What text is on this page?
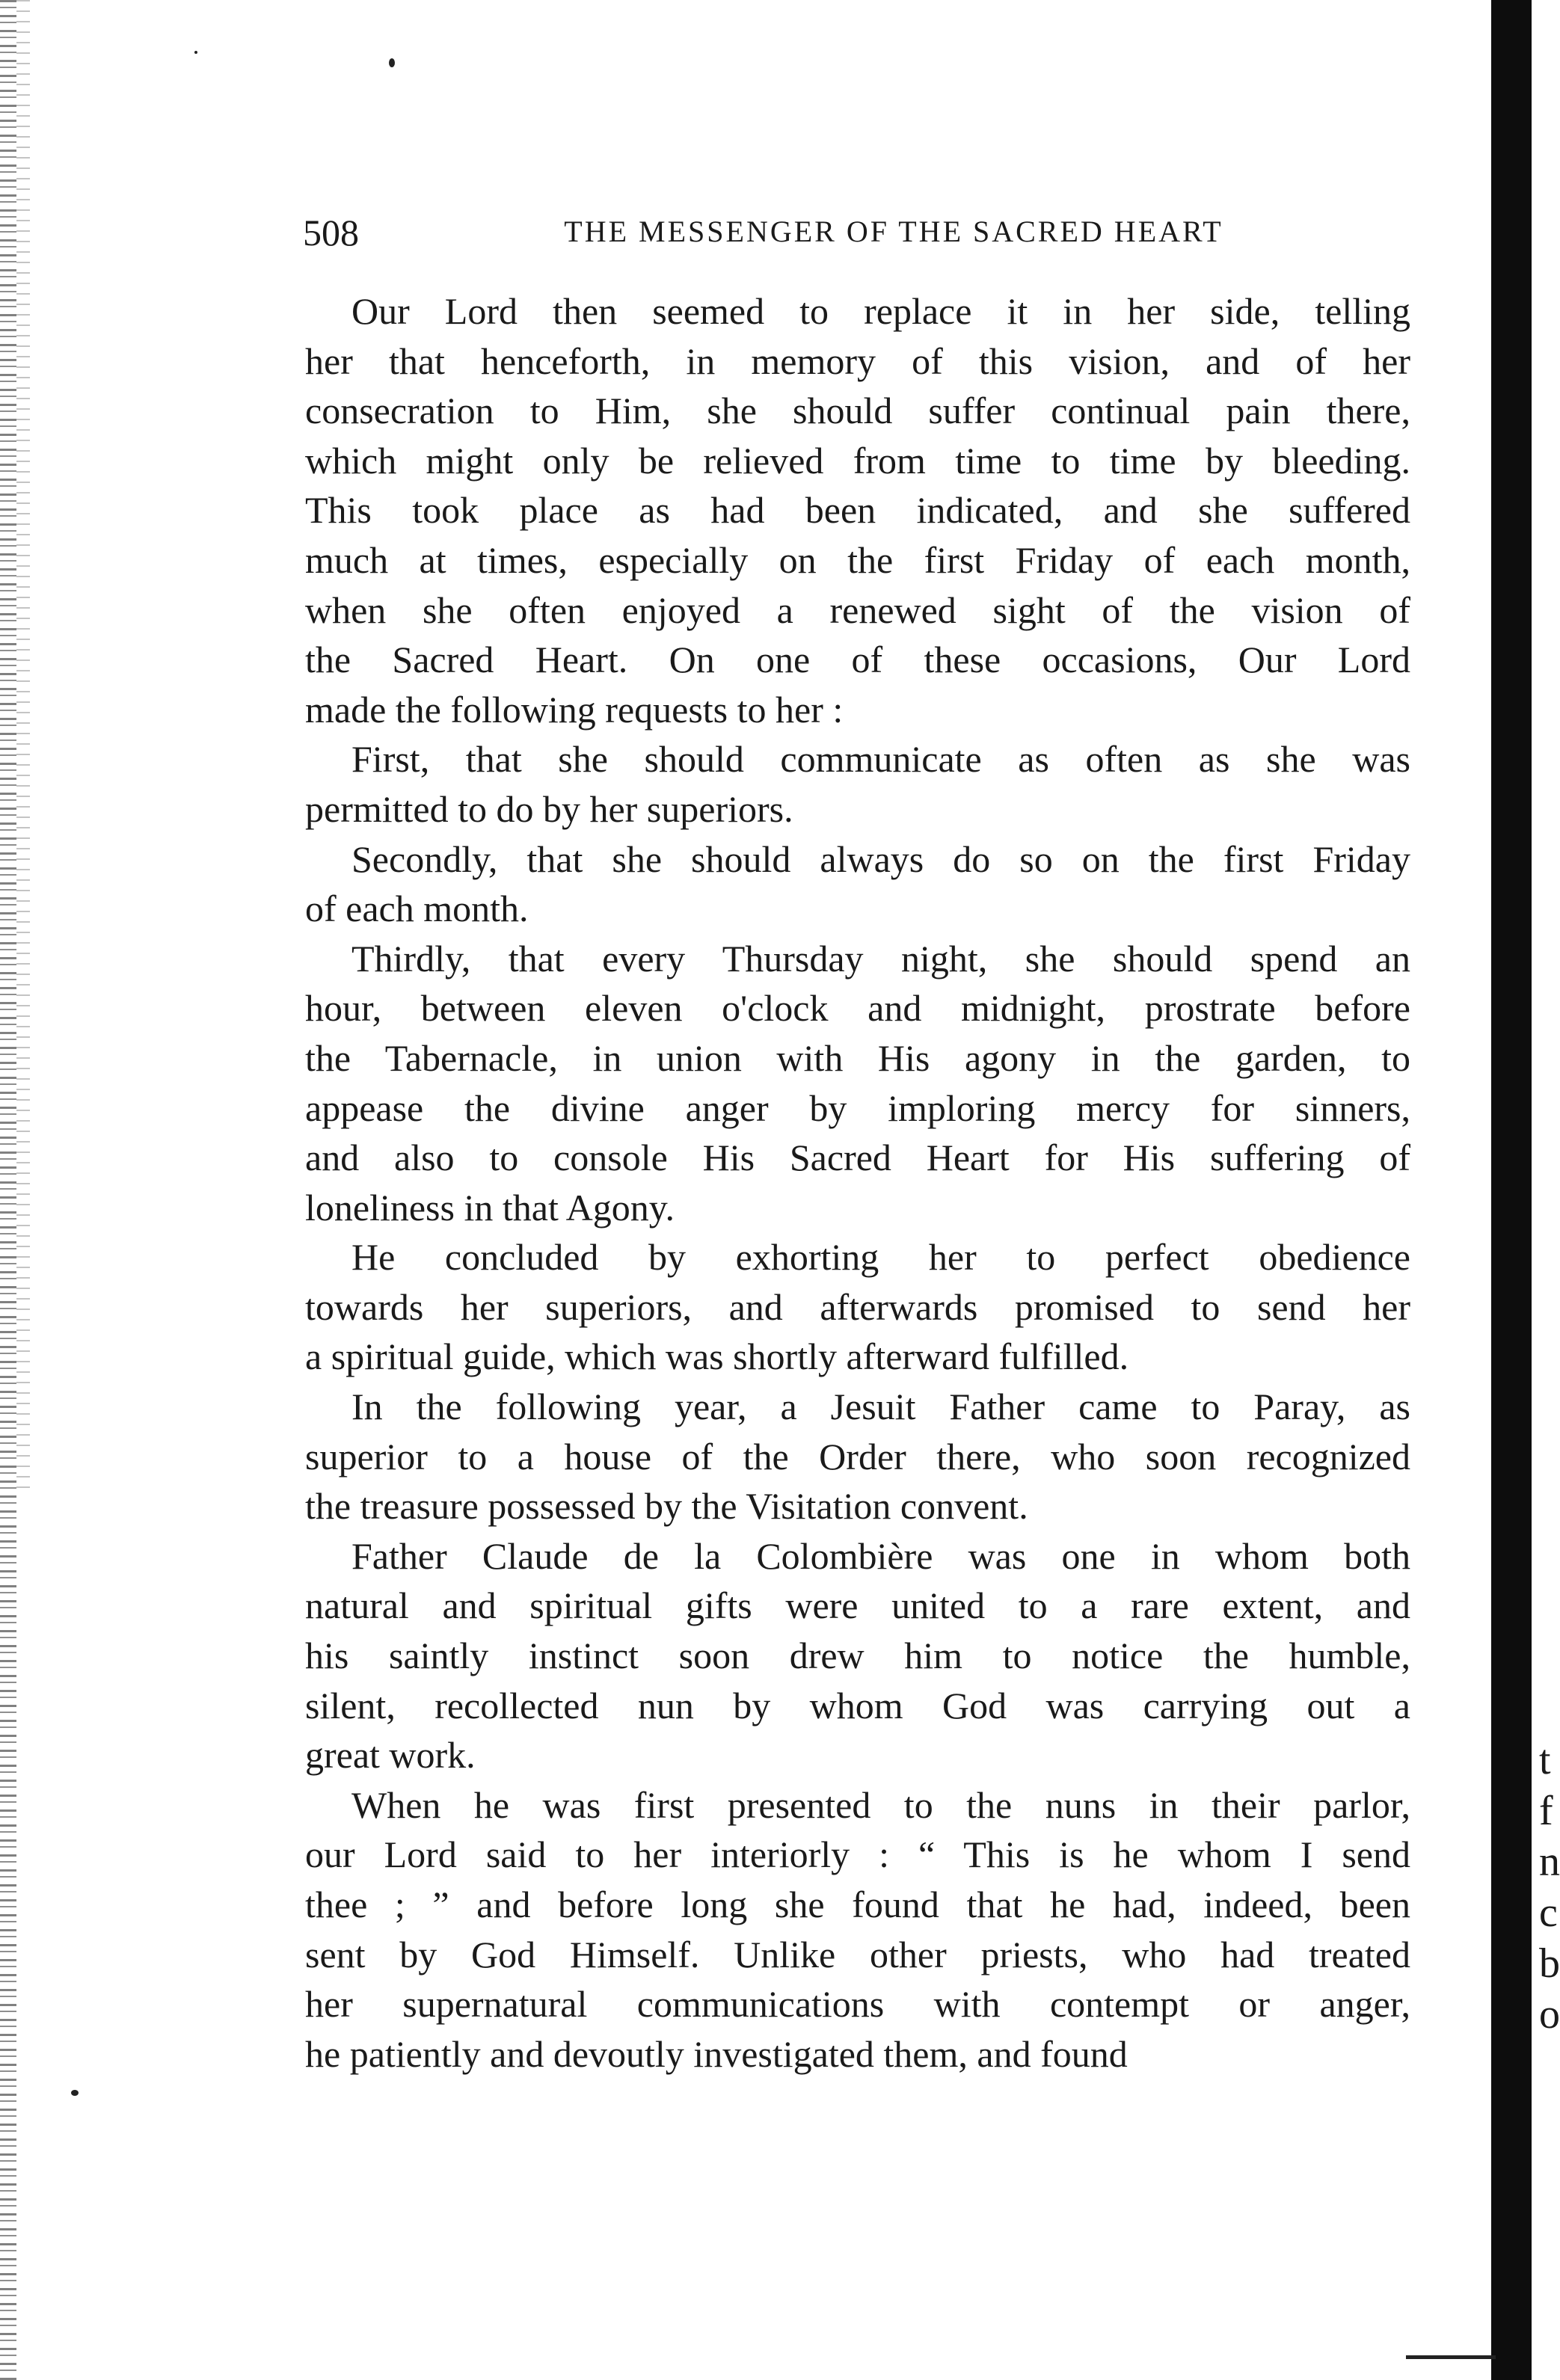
508	THE MESSENGER OF THE SACRED HEART

Our Lord then seemed to replace it in her side, telling
her that henceforth, in memory of this vision, and of her
consecration to Him, she should suffer continual pain there,
which might only be relieved from time to time by bleeding.
This took place as had been indicated, and she suffered
much at times, especially on the first Friday of each month,
when she often enjoyed a renewed sight of the vision of
the Sacred Heart. On one of these occasions, Our Lord
made the following requests to her :

First, that she should communicate as often as she was
permitted to do by her superiors.

Secondly, that she should always do so on the first Friday
of each month.

Thirdly, that every Thursday night, she should spend an
hour, between eleven o'clock and midnight, prostrate before
the Tabernacle, in union with His agony in the garden, to
appease the divine anger by imploring mercy for sinners,
and also to console His Sacred Heart for His suffering of
loneliness in that Agony.

He concluded by exhorting her to perfect obedience
towards her superiors, and afterwards promised to send her
a spiritual guide, which was shortly afterward fulfilled.

In the following year, a Jesuit Father came to Paray, as
superior to a house of the Order there, who soon recognized
the treasure possessed by the Visitation convent.

Father Claude de la Colombière was one in whom both
natural and spiritual gifts were united to a rare extent, and
his saintly instinct soon drew him to notice the humble,
silent, recollected nun by whom God was carrying out a
great work.

When he was first presented to the nuns in their parlor,
our Lord said to her interiorly : “ This is he whom I send
thee ; ” and before long she found that he had, indeed, been
sent by God Himself. Unlike other priests, who had treated
her supernatural communications with contempt or anger,
he patiently and devoutly investigated them, and found

t
f
n
c
b
o
